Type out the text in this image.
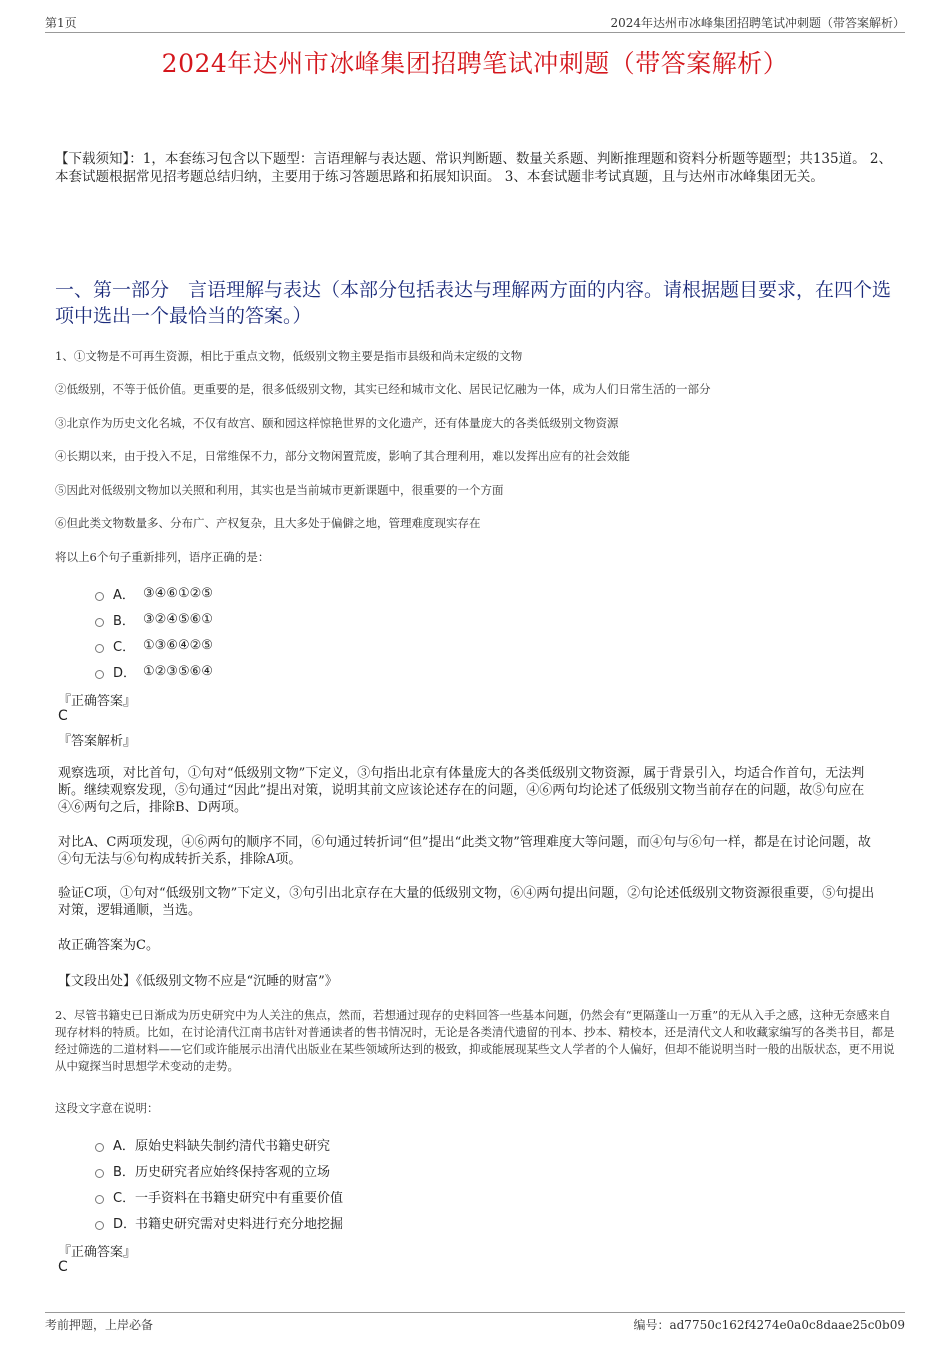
第1页	2024年达州市冰峰集团招聘笔试冲刺题（带答案解析）
2024年达州市冰峰集团招聘笔试冲刺题（带答案解析）
【下载须知】：1，本套练习包含以下题型：言语理解与表达题、常识判断题、数量关系题、判断推理题和资料分析题等题型；共135道。 2、本套试题根据常见招考题总结归纳，主要用于练习答题思路和拓展知识面。 3、本套试题非考试真题，且与达州市冰峰集团无关。
一、第一部分　言语理解与表达（本部分包括表达与理解两方面的内容。请根据题目要求，在四个选项中选出一个最恰当的答案。）
1、①文物是不可再生资源，相比于重点文物，低级别文物主要是指市县级和尚未定级的文物
②低级别，不等于低价值。更重要的是，很多低级别文物，其实已经和城市文化、居民记忆融为一体，成为人们日常生活的一部分
③北京作为历史文化名城，不仅有故宫、颐和园这样惊艳世界的文化遗产，还有体量庞大的各类低级别文物资源
④长期以来，由于投入不足，日常维保不力，部分文物闲置荒废，影响了其合理利用，难以发挥出应有的社会效能
⑤因此对低级别文物加以关照和利用，其实也是当前城市更新课题中，很重要的一个方面
⑥但此类文物数量多、分布广、产权复杂，且大多处于偏僻之地，管理难度现实存在
将以上6个句子重新排列，语序正确的是：
A． ③④⑥①②⑤
B． ③②④⑤⑥①
C． ①③⑥④②⑤
D． ①②③⑤⑥④
『正确答案』
C
『答案解析』
观察选项，对比首句，①句对“低级别文物”下定义，③句指出北京有体量庞大的各类低级别文物资源，属于背景引入，均适合作首句，无法判断。继续观察发现，⑤句通过“因此”提出对策，说明其前文应该论述存在的问题，④⑥两句均论述了低级别文物当前存在的问题，故⑤句应在④⑥两句之后，排除B、D两项。
对比A、C两项发现，④⑥两句的顺序不同，⑥句通过转折词“但”提出“此类文物”管理难度大等问题，而④句与⑥句一样，都是在讨论问题，故④句无法与⑥句构成转折关系，排除A项。
验证C项，①句对“低级别文物”下定义，③句引出北京存在大量的低级别文物，⑥④两句提出问题，②句论述低级别文物资源很重要，⑤句提出对策，逻辑通顺，当选。
故正确答案为C。
【文段出处】《低级别文物不应是“沉睡的财富”》
2、尽管书籍史已日渐成为历史研究中为人关注的焦点，然而，若想通过现存的史料回答一些基本问题，仍然会有“更隔蓬山一万重”的无从入手之感，这种无奈感来自现存材料的特质。比如，在讨论清代江南书店针对普通读者的售书情况时，无论是各类清代遗留的刊本、抄本、精校本，还是清代文人和收藏家编写的各类书目，都是经过筛选的二道材料——它们或许能展示出清代出版业在某些领域所达到的极致，抑或能展现某些文人学者的个人偏好，但却不能说明当时一般的出版状态，更不用说从中窥探当时思想学术变动的走势。
这段文字意在说明：
A． 原始史料缺失制约清代书籍史研究
B． 历史研究者应始终保持客观的立场
C． 一手资料在书籍史研究中有重要价值
D．
书籍史研究需对史料进行充分地挖掘
『正确答案』
C
考前押题，上岸必备	编号：ad7750c162f4274e0a0c8daae25c0b09
